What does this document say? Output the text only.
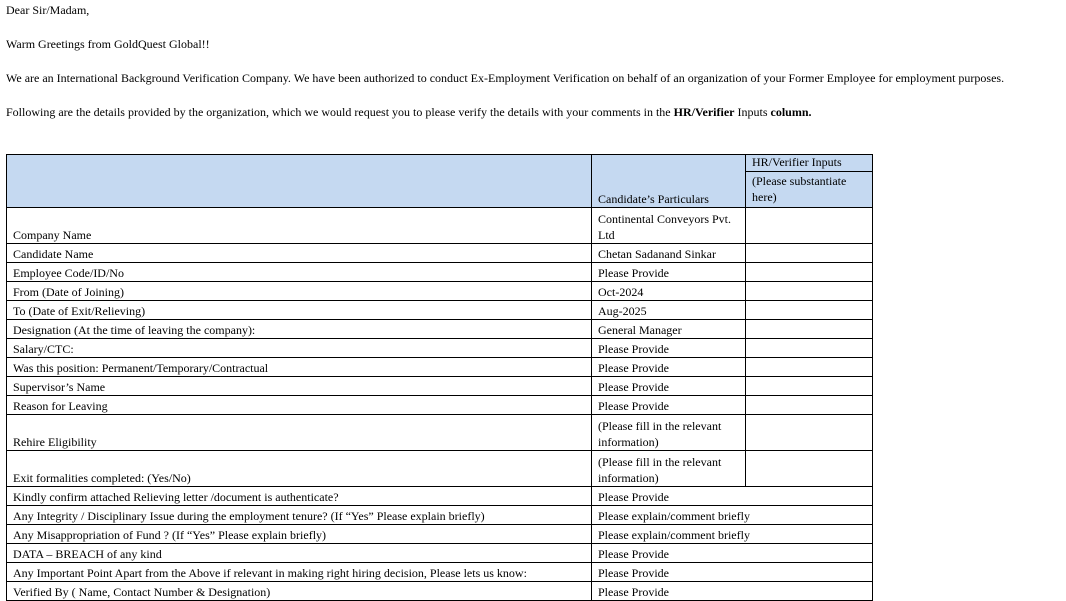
Dear Sir/Madam,

Warm Greetings from GoldQuest Global!!

We are an International Background Verification Company. We have been authorized to conduct Ex-Employment Verification on behalf of an organization of your Former Employee for employment purposes.

Following are the details provided by the organization, which we would request you to please verify the details with your comments in the HR/Verifier Inputs column.

	Candidate’s Particulars	HR/Verifier Inputs
(Please substantiate here)

Company Name	Continental Conveyors Pvt. Ltd	
Candidate Name	Chetan Sadanand Sinkar	
Employee Code/ID/No	Please Provide	
From (Date of Joining)	Oct-2024	
To (Date of Exit/Relieving)	Aug-2025	
Designation (At the time of leaving the company):	General Manager	
Salary/CTC:	Please Provide	
Was this position: Permanent/Temporary/Contractual	Please Provide	
Supervisor’s Name	Please Provide	
Reason for Leaving	Please Provide	
Rehire Eligibility	(Please fill in the relevant information)	
Exit formalities completed: (Yes/No)	(Please fill in the relevant information)	
Kindly confirm attached Relieving letter /document is authenticate?	Please Provide	
Any Integrity / Disciplinary Issue during the employment tenure? (If “Yes” Please explain briefly)	Please explain/comment briefly	
Any Misappropriation of Fund ? (If “Yes” Please explain briefly)	Please explain/comment briefly	
DATA – BREACH of any kind	Please Provide	
Any Important Point Apart from the Above if relevant in making right hiring decision, Please lets us know:	Please Provide	
Verified By ( Name, Contact Number & Designation)	Please Provide	
